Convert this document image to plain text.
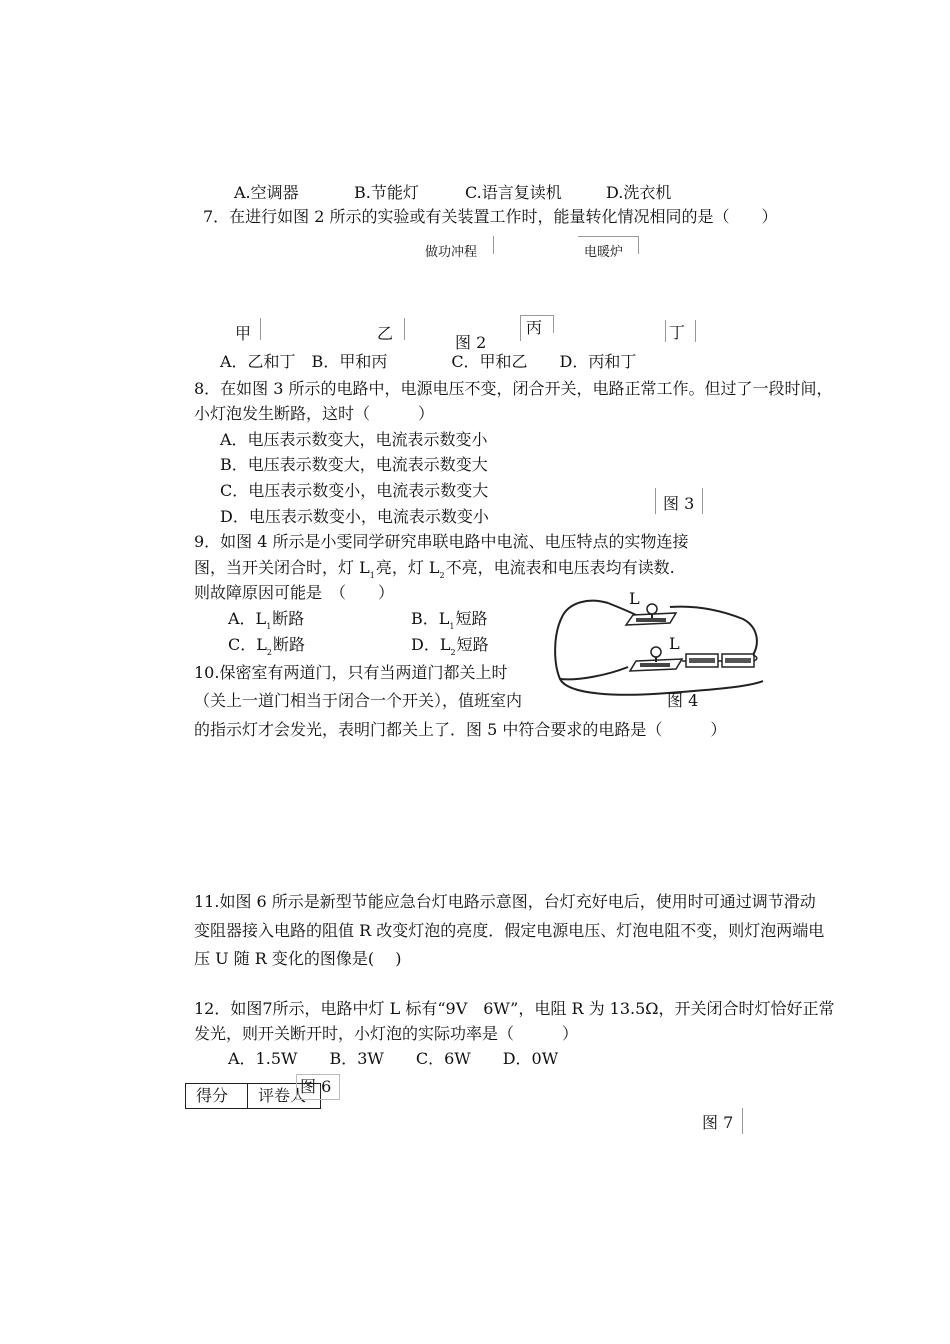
A.空调器	B.节能灯	C.语言复读机	D.洗衣机
7．在进行如图 2 所示的实验或有关装置工作时，能量转化情况相同的是（　　）
做功冲程	电暖炉
甲	乙	图 2
丙	丁
A．乙和丁　B．甲和丙　　　　C．甲和乙　　D．丙和丁
8．在如图 3 所示的电路中，电源电压不变，闭合开关，电路正常工作。但过了一段时间，
小灯泡发生断路，这时（　　　）
A．电压表示数变大，电流表示数变小
B．电压表示数变大，电流表示数变大
C．电压表示数变小，电流表示数变大
D．电压表示数变小，电流表示数变小
图 3
9．如图 4 所示是小雯同学研究串联电路中电流、电压特点的实物连接
图，当开关闭合时，灯 $L_1$亮，灯 $L_2$不亮，电流表和电压表均有读数.
则故障原因可能是　（　　）
A．$L_1$断路	B．$L_1$短路
C．$L_2$断路	D．$L_2$短路
L
L
图 4
10.保密室有两道门，只有当两道门都关上时
（关上一道门相当于闭合一个开关），值班室内
的指示灯才会发光，表明门都关上了．图 5 中符合要求的电路是（　　　）
11.如图 6 所示是新型节能应急台灯电路示意图，台灯充好电后，使用时可通过调节滑动
变阻器接入电路的阻值 R 改变灯泡的亮度．假定电源电压、灯泡电阻不变，则灯泡两端电
压 U 随 R 变化的图像是(　 )
12．如图7所示，电路中灯 L 标有“9V　6W”，电阻 R 为 13.5Ω，开关闭合时灯恰好正常
发光，则开关断开时，小灯泡的实际功率是（　　　）
A．1.5W　　B．3W　　C．6W　　D．0W
得分 评卷人
图 6
图 7
